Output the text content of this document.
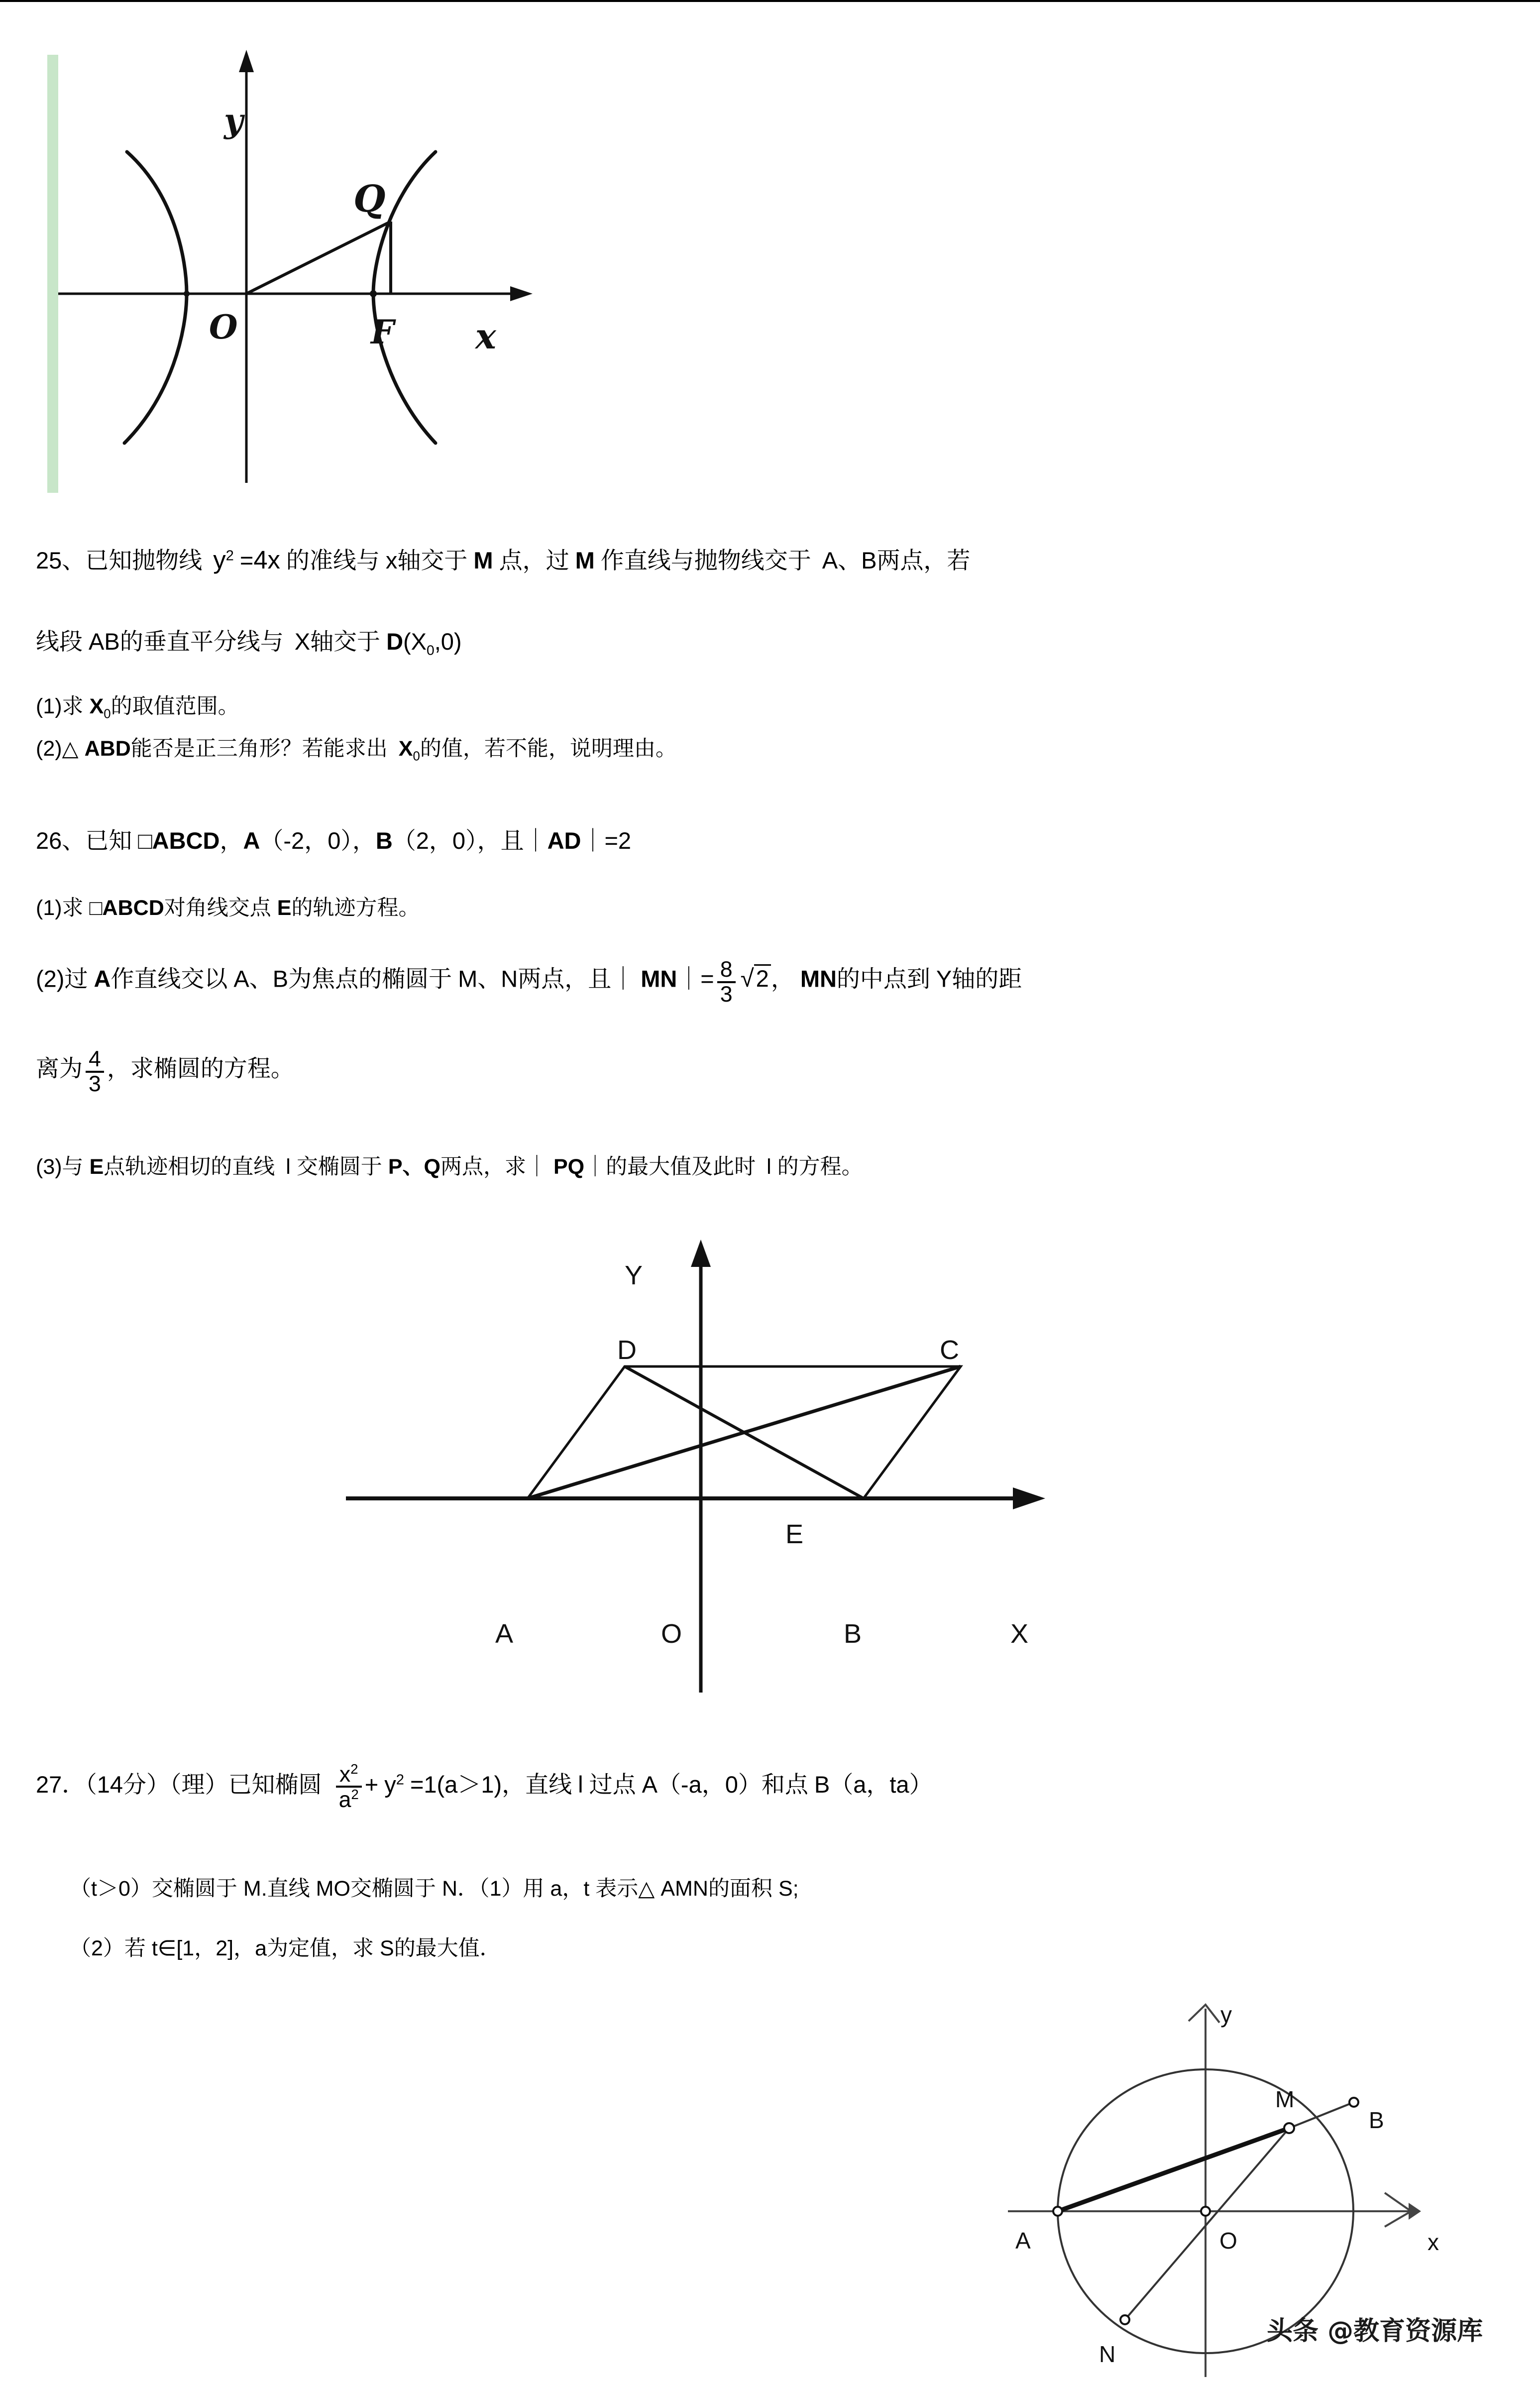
y
Q
O	F x
25、已知抛物线 $y^2 =4x$ 的准线与 x轴交于 M 点，过 M 作直线与抛物线交于 A、B两点，若
线段 AB的垂直平分线与 X轴交于 $D(X_0,0)$
(1)求 $X_0$的取值范围。
(2)△ ABD能否是正三角形？若能求出 $X_0$的值，若不能，说明理由。
26、已知 □ABCD，A（-2，0），B（2，0），且｜AD｜=2
(1)求 □ABCD对角线交点 E的轨迹方程。
(2)过 A作直线交以 A、B为焦点的椭圆于 M、N两点，且｜ MN｜= $\frac{8}{3} √2$， MN的中点到 Y轴的距
离为 $\frac{4}{3}$ ，求椭圆的方程。
(3)与 E点轨迹相切的直线 l 交椭圆于 P、Q两点，求｜ PQ｜的最大值及此时 l 的方程。
D	C
Y
E
A	O	B	X
27．（14分）（理）已知椭圆 $\frac{x^2}{a^2} + y^2 =1(a>1)$，直线 l 过点 A（-a，0）和点 B（a，ta）
（t＞0）交椭圆于 M.直线 MO交椭圆于 N．（1）用 a，t 表示△ AMN的面积 S;
（2）若 t∈[1，2]，a为定值，求 S的最大值．
y
M
B
A	O	x
N
头条 @教育资源库
